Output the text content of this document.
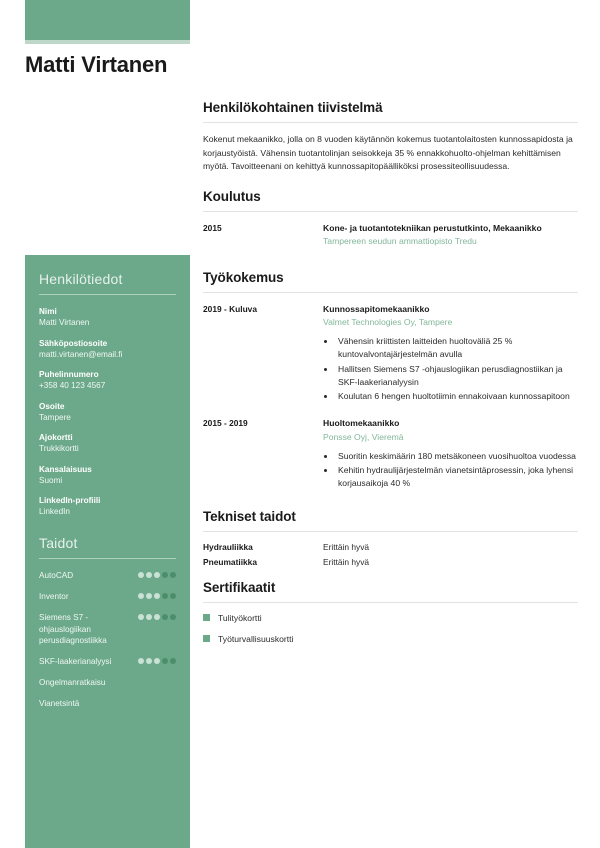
Matti Virtanen
Henkilötiedot
Nimi
Matti Virtanen
Sähköpostiosoite
matti.virtanen@email.fi
Puhelinnumero
+358 40 123 4567
Osoite
Tampere
Ajokortti
Trukkikortti
Kansalaisuus
Suomi
LinkedIn-profiili
LinkedIn
Taidot
AutoCAD
Inventor
Siemens S7 -ohjauslogiikan perusdiagnostiikka
SKF-laakerianalyysi
Ongelmanratkaisu
Vianetsintä
Henkilökohtainen tiivistelmä

Kokenut mekaanikko, jolla on 8 vuoden käytännön kokemus tuotantolaitosten kunnossapidosta ja korjaustyöistä. Vähensin tuotantolinjan seisokkeja 35 % ennakkohuolto-ohjelman kehittämisen myötä. Tavoitteenani on kehittyä kunnossapitopäälliköksi prosessiteollisuudessa.

Koulutus
2015	Kone- ja tuotantotekniikan perustutkinto, Mekaanikko
Tampereen seudun ammattiopisto Tredu
Työkokemus
2019 - Kuluva	Kunnossapitomekaanikko
Valmet Technologies Oy, Tampere
• Vähensin kriittisten laitteiden huoltoväliä 25 % kuntovalvontajärjestelmän avulla
• Hallitsen Siemens S7 -ohjauslogiikan perusdiagnostiikan ja SKF-laakerianalyysin
• Koulutan 6 hengen huoltotiimin ennakoivaan kunnossapitoon
2015 - 2019	Huoltomekaanikko
Ponsse Oyj, Vieremä
• Suoritin keskimäärin 180 metsäkoneen vuosihuoltoa vuodessa
• Kehitin hydraulijärjestelmän vianetsintäprosessin, joka lyhensi korjausaikoja 40 %
Tekniset taidot
Hydrauliikka	Erittäin hyvä
Pneumatiikka	Erittäin hyvä
Sertifikaatit
Tulityökortti
Työturvallisuuskortti
